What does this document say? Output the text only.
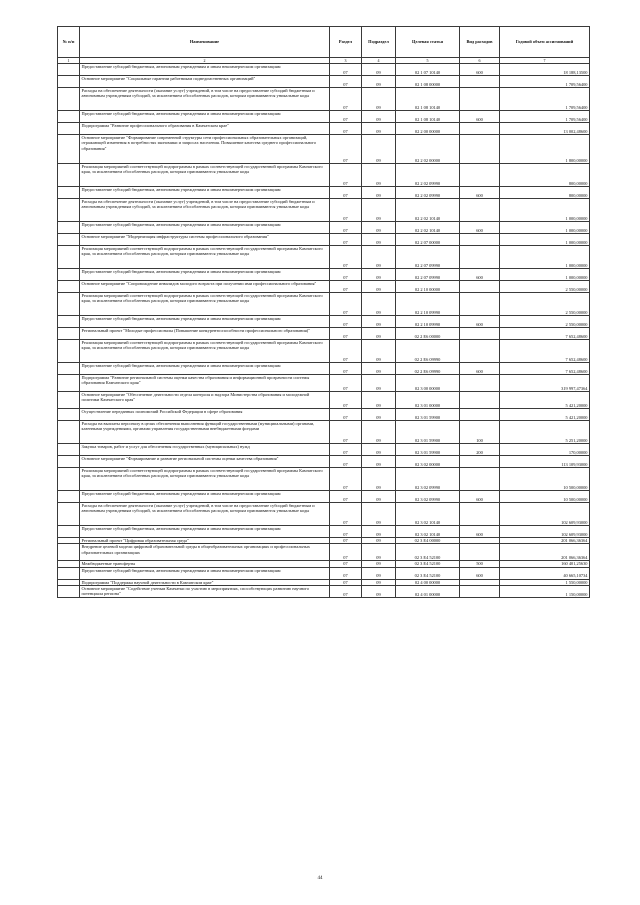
№ п/п	Наименование	Раздел	Подраздел	Целевая статья	Вид расходов	Годовой объем ассигнований
1	2	3	4	5	6	7
	Предоставление субсидий бюджетным, автономным учреждениям и иным некоммерческим организациям	07	09	02 1 07 10140	600	18 188,13500
	Основное мероприятие "Социальные гарантии работникам подведомственных организаций"	07	09	02 1 08 00000		1 709,56400
	Расходы на обеспечение деятельности (оказание услуг) учреждений, в том числе на предоставление субсидий бюджетным и автономным учреждениям субсидий, за исключением обособленных расходов, которым присваиваются уникальные коды	07	09	02 1 08 10140		1 709,56400
	Предоставление субсидий бюджетным, автономным учреждениям и иным некоммерческим организациям	07	09	02 1 08 10140	600	1 709,56400
	Подпрограмма "Развитие профессионального образования в Камчатском крае"	07	09	02 2 00 00000		13 002,48600
	Основное мероприятие "Формирование современной структуры сети профессиональных образовательных организаций, отражающей изменения в потребностях экономики и запросах населения. Повышение качества среднего профессионального образования"	07	09	02 2 02 00000		1 800,00000
	Реализация мероприятий соответствующей подпрограммы в рамках соответствующей государственной программы Камчатского края, за исключением обособленных расходов, которым присваиваются уникальные коды	07	09	02 2 02 09990		800,00000
	Предоставление субсидий бюджетным, автономным учреждениям и иным некоммерческим организациям	07	09	02 2 02 09990	600	800,00000
	Расходы на обеспечение деятельности (оказание услуг) учреждений, в том числе на предоставление субсидий бюджетным и автономным учреждениям субсидий, за исключением обособленных расходов, которым присваиваются уникальные коды	07	09	02 2 02 10140		1 000,00000
	Предоставление субсидий бюджетным, автономным учреждениям и иным некоммерческим организациям	07	09	02 2 02 10140	600	1 000,00000
	Основное мероприятие "Модернизация инфраструктуры системы профессионального образования"	07	09	02 2 07 00000		1 000,00000
	Реализация мероприятий соответствующей подпрограммы в рамках соответствующей государственной программы Камчатского края, за исключением обособленных расходов, которым присваиваются уникальные коды	07	09	02 2 07 09990		1 000,00000
	Предоставление субсидий бюджетным, автономным учреждениям и иным некоммерческим организациям	07	09	02 2 07 09990	600	1 000,00000
	Основное мероприятие "Сопровождение инвалидов молодого возраста при получении ими профессионального образования"	07	09	02 2 10 00000		2 550,00000
	Реализация мероприятий соответствующей подпрограммы в рамках соответствующей государственной программы Камчатского края, за исключением обособленных расходов, которым присваиваются уникальные коды	07	09	02 2 10 09990		2 550,00000
	Предоставление субсидий бюджетным, автономным учреждениям и иным некоммерческим организациям	07	09	02 2 10 09990	600	2 550,00000
	Региональный проект "Молодые профессионалы (Повышение конкурентоспособности профессионального образования)"	07	09	02 2 E6 00000		7 652,48600
	Реализация мероприятий соответствующей подпрограммы в рамках соответствующей государственной программы Камчатского края, за исключением обособленных расходов, которым присваиваются уникальные коды	07	09	02 2 E6 09990		7 652,48600
	Предоставление субсидий бюджетным, автономным учреждениям и иным некоммерческим организациям	07	09	02 2 E6 09990	600	7 652,48600
	Подпрограмма "Развитие региональной системы оценки качества образования и информационной прозрачности системы образования Камчатского края"	07	09	02 3 00 00000		319 997,47364
	Основное мероприятие "Обеспечение деятельности отдела контроля и надзора Министерства образования и молодежной политики Камчатского края"	07	09	02 3 01 00000		5 421,20000
	Осуществление переданных полномочий Российской Федерации в сфере образования	07	09	02 3 01 59900		5 421,20000
	Расходы на выплаты персоналу в целях обеспечения выполнения функций государственными (муниципальными) органами, казенными учреждениями, органами управления государственными внебюджетными фондами	07	09	02 3 01 59900	100	5 251,20000
	Закупка товаров, работ и услуг для обеспечения государственных (муниципальных) нужд	07	09	02 3 01 59900	200	170,00000
	Основное мероприятие "Формирование и развитие региональной системы оценки качества образования"	07	09	02 3 02 00000		113 109,93000
	Реализация мероприятий соответствующей подпрограммы в рамках соответствующей государственной программы Камчатского края, за исключением обособленных расходов, которым присваиваются уникальные коды	07	09	02 3 02 09990		10 500,00000
	Предоставление субсидий бюджетным, автономным учреждениям и иным некоммерческим организациям	07	09	02 3 02 09990	600	10 500,00000
	Расходы на обеспечение деятельности (оказание услуг) учреждений, в том числе на предоставление субсидий бюджетным и автономным учреждениям субсидий, за исключением обособленных расходов, которым присваиваются уникальные коды	07	09	02 3 02 10140		102 609,93000
	Предоставление субсидий бюджетным, автономным учреждениям и иным некоммерческим организациям	07	09	02 3 02 10140	600	102 609,93000
	Региональный проект "Цифровая образовательная среда"	07	09	02 3 E4 00000		201 066,36364
	Внедрение целевой модели цифровой образовательной среды в общеобразовательных организациях и профессиональных образовательных организациях	07	09	02 3 E4 52100		201 066,36364
	Межбюджетные трансферты	07	09	02 3 E4 52100	500	160 401,25630
	Предоставление субсидий бюджетным, автономным учреждениям и иным некоммерческим организациям	07	09	02 3 E4 52100	600	40 665,10734
	Подпрограмма "Поддержка научной деятельности в Камчатском крае"	07	09	02 4 00 00000		1 550,00000
	Основное мероприятие "Содействие ученым Камчатки по участию в мероприятиях, способствующих развитию научного потенциала региона"	07	09	02 4 01 00000		1 150,00000
44
